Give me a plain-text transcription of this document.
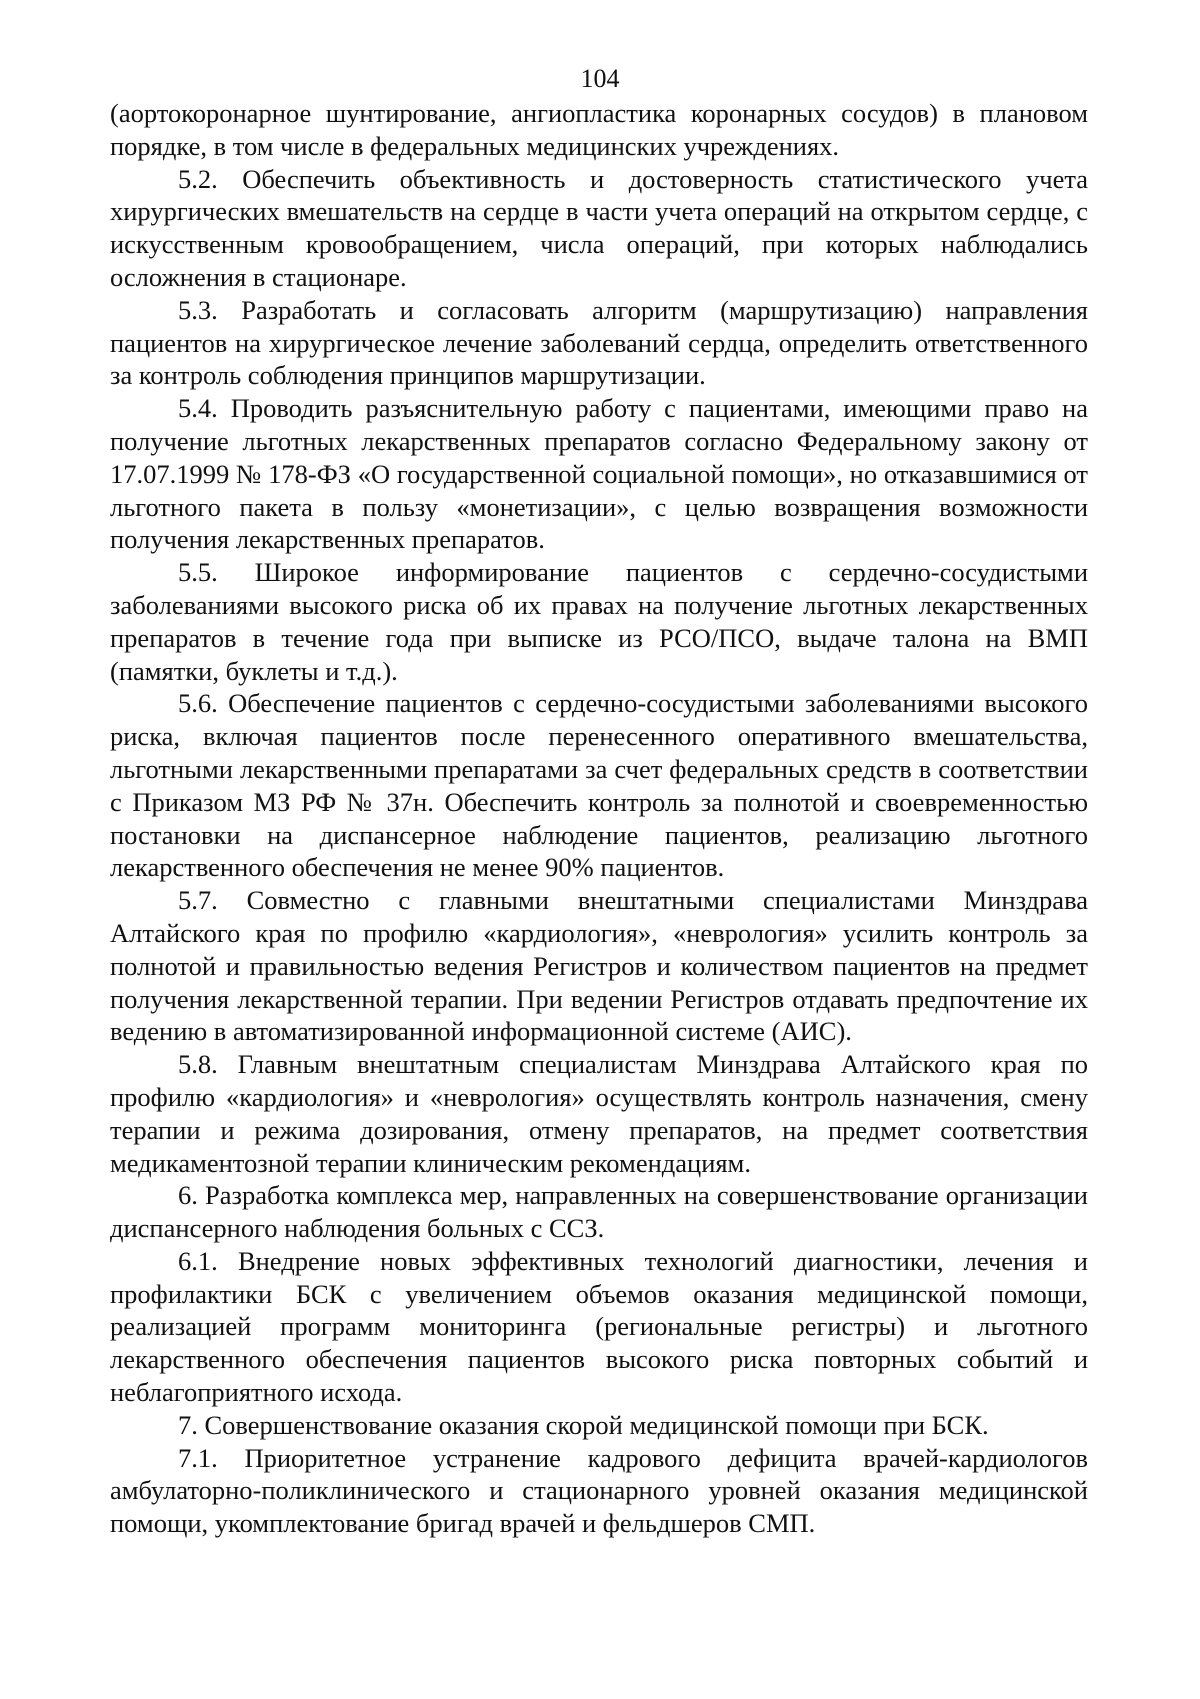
104

(аортокоронарное шунтирование, ангиопластика коронарных сосудов) в плановом порядке, в том числе в федеральных медицинских учреждениях.

5.2. Обеспечить объективность и достоверность статистического учета хирургических вмешательств на сердце в части учета операций на открытом сердце, с искусственным кровообращением, числа операций, при которых наблюдались осложнения в стационаре.

5.3. Разработать и согласовать алгоритм (маршрутизацию) направления пациентов на хирургическое лечение заболеваний сердца, определить ответственного за контроль соблюдения принципов маршрутизации.

5.4. Проводить разъяснительную работу с пациентами, имеющими право на получение льготных лекарственных препаратов согласно Федеральному закону от 17.07.1999 № 178-ФЗ «О государственной социальной помощи», но отказавшимися от льготного пакета в пользу «монетизации», с целью возвращения возможности получения лекарственных препаратов.

5.5. Широкое информирование пациентов с сердечно-сосудистыми заболеваниями высокого риска об их правах на получение льготных лекарственных препаратов в течение года при выписке из РСО/ПСО, выдаче талона на ВМП (памятки, буклеты и т.д.).

5.6. Обеспечение пациентов с сердечно-сосудистыми заболеваниями высокого риска, включая пациентов после перенесенного оперативного вмешательства, льготными лекарственными препаратами за счет федеральных средств в соответствии с Приказом МЗ РФ № 37н. Обеспечить контроль за полнотой и своевременностью постановки на диспансерное наблюдение пациентов, реализацию льготного лекарственного обеспечения не менее 90% пациентов.

5.7. Совместно с главными внештатными специалистами Минздрава Алтайского края по профилю «кардиология», «неврология» усилить контроль за полнотой и правильностью ведения Регистров и количеством пациентов на предмет получения лекарственной терапии. При ведении Регистров отдавать предпочтение их ведению в автоматизированной информационной системе (АИС).

5.8. Главным внештатным специалистам Минздрава Алтайского края по профилю «кардиология» и «неврология» осуществлять контроль назначения, смену терапии и режима дозирования, отмену препаратов, на предмет соответствия медикаментозной терапии клиническим рекомендациям.

6. Разработка комплекса мер, направленных на совершенствование организации диспансерного наблюдения больных с ССЗ.

6.1. Внедрение новых эффективных технологий диагностики, лечения и профилактики БСК с увеличением объемов оказания медицинской помощи, реализацией программ мониторинга (региональные регистры) и льготного лекарственного обеспечения пациентов высокого риска повторных событий и неблагоприятного исхода.

7. Совершенствование оказания скорой медицинской помощи при БСК.

7.1. Приоритетное устранение кадрового дефицита врачей-кардиологов амбулаторно-поликлинического и стационарного уровней оказания медицинской помощи, укомплектование бригад врачей и фельдшеров СМП.
